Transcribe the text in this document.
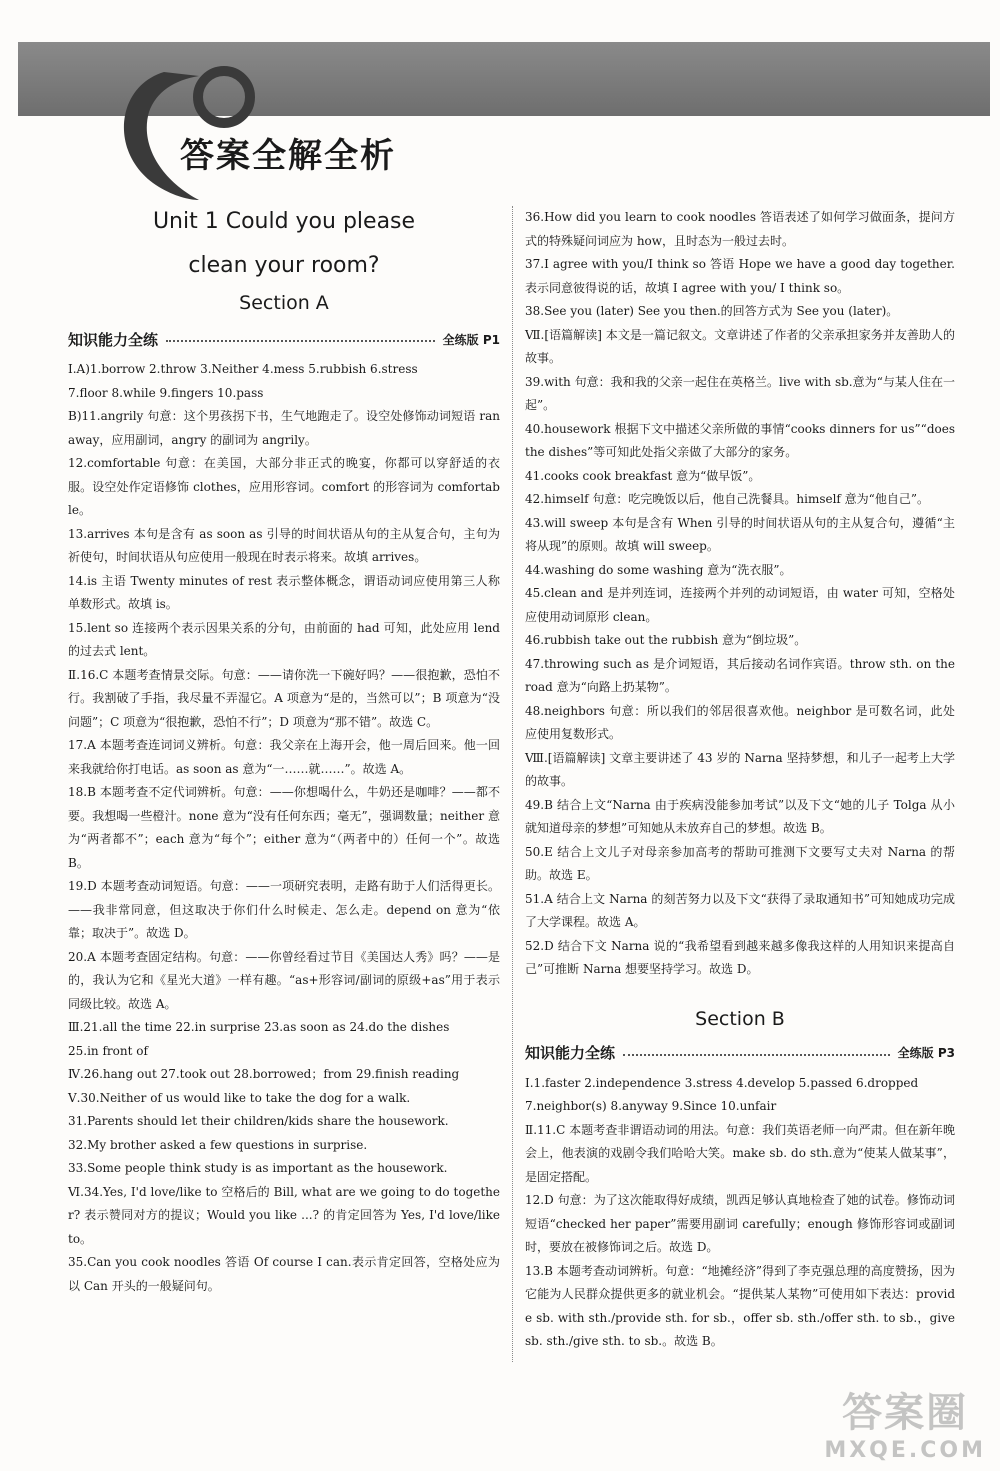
答案全解全析
Unit 1 Could you please
clean your room?
Section A
知识能力全练	全练版 P1

Ⅰ.A)1.borrow 2.throw 3.Neither 4.mess 5.rubbish 6.stress

7.floor 8.while 9.fingers 10.pass

B)11.angrily 句意：这个男孩拐下书，生气地跑走了。设空处修饰动词短语 ran away，应用副词，angry 的副词为 angrily。

12.comfortable 句意：在美国，大部分非正式的晚宴，你都可以穿舒适的衣服。设空处作定语修饰 clothes，应用形容词。comfort 的形容词为 comfortable。

13.arrives 本句是含有 as soon as 引导的时间状语从句的主从复合句，主句为祈使句，时间状语从句应使用一般现在时表示将来。故填 arrives。

14.is 主语 Twenty minutes of rest 表示整体概念，谓语动词应使用第三人称单数形式。故填 is。

15.lent so 连接两个表示因果关系的分句，由前面的 had 可知，此处应用 lend 的过去式 lent。

Ⅱ.16.C 本题考查情景交际。句意：——请你洗一下碗好吗？——很抱歉，恐怕不行。我割破了手指，我尽量不弄湿它。A 项意为“是的，当然可以”；B 项意为“没问题”；C 项意为“很抱歉，恐怕不行”；D 项意为“那不错”。故选 C。

17.A 本题考查连词词义辨析。句意：我父亲在上海开会，他一周后回来。他一回来我就给你打电话。as soon as 意为“一……就……”。故选 A。

18.B 本题考查不定代词辨析。句意：——你想喝什么，牛奶还是咖啡？——都不要。我想喝一些橙汁。none 意为“没有任何东西；毫无”，强调数量；neither 意为“两者都不”；each 意为“每个”；either 意为“（两者中的）任何一个”。故选 B。

19.D 本题考查动词短语。句意：——一项研究表明，走路有助于人们活得更长。——我非常同意，但这取决于你们什么时候走、怎么走。depend on 意为“依靠；取决于”。故选 D。

20.A 本题考查固定结构。句意：——你曾经看过节目《美国达人秀》吗？——是的，我认为它和《星光大道》一样有趣。“as+形容词/副词的原级+as”用于表示同级比较。故选 A。

Ⅲ.21.all the time 22.in surprise 23.as soon as 24.do the dishes

25.in front of

Ⅳ.26.hang out 27.took out 28.borrowed；from 29.finish reading

Ⅴ.30.Neither of us would like to take the dog for a walk.

31.Parents should let their children/kids share the housework.

32.My brother asked a few questions in surprise.

33.Some people think study is as important as the housework.

Ⅵ.34.Yes, I'd love/like to 空格后的 Bill, what are we going to do together? 表示赞同对方的提议；Would you like ...? 的肯定回答为 Yes, I'd love/like to。

35.Can you cook noodles 答语 Of course I can.表示肯定回答，空格处应为以 Can 开头的一般疑问句。

36.How did you learn to cook noodles 答语表述了如何学习做面条，提问方式的特殊疑问词应为 how，且时态为一般过去时。

37.I agree with you/I think so 答语 Hope we have a good day together.表示同意彼得说的话，故填 I agree with you/ I think so。

38.See you (later) See you then.的回答方式为 See you (later)。

Ⅶ.[语篇解读] 本文是一篇记叙文。文章讲述了作者的父亲承担家务并友善助人的故事。

39.with 句意：我和我的父亲一起住在英格兰。live with sb.意为“与某人住在一起”。

40.housework 根据下文中描述父亲所做的事情“cooks dinners for us”“does the dishes”等可知此处指父亲做了大部分的家务。

41.cooks cook breakfast 意为“做早饭”。

42.himself 句意：吃完晚饭以后，他自己洗餐具。himself 意为“他自己”。

43.will sweep 本句是含有 When 引导的时间状语从句的主从复合句，遵循“主将从现”的原则。故填 will sweep。

44.washing do some washing 意为“洗衣服”。

45.clean and 是并列连词，连接两个并列的动词短语，由 water 可知，空格处应使用动词原形 clean。

46.rubbish take out the rubbish 意为“倒垃圾”。

47.throwing such as 是介词短语，其后接动名词作宾语。throw sth. on the road 意为“向路上扔某物”。

48.neighbors 句意：所以我们的邻居很喜欢他。neighbor 是可数名词，此处应使用复数形式。

Ⅷ.[语篇解读] 文章主要讲述了 43 岁的 Narna 坚持梦想，和儿子一起考上大学的故事。

49.B 结合上文“Narna 由于疾病没能参加考试”以及下文“她的儿子 Tolga 从小就知道母亲的梦想”可知她从未放弃自己的梦想。故选 B。

50.E 结合上文儿子对母亲参加高考的帮助可推测下文要写丈夫对 Narna 的帮助。故选 E。

51.A 结合上文 Narna 的刻苦努力以及下文“获得了录取通知书”可知她成功完成了大学课程。故选 A。

52.D 结合下文 Narna 说的“我希望看到越来越多像我这样的人用知识来提高自己”可推断 Narna 想要坚持学习。故选 D。

Section B
知识能力全练	全练版 P3

Ⅰ.1.faster 2.independence 3.stress 4.develop 5.passed 6.dropped

7.neighbor(s) 8.anyway 9.Since 10.unfair

Ⅱ.11.C 本题考查非谓语动词的用法。句意：我们英语老师一向严肃。但在新年晚会上，他表演的戏剧令我们哈哈大笑。make sb. do sth.意为“使某人做某事”，是固定搭配。

12.D 句意：为了这次能取得好成绩，凯西足够认真地检查了她的试卷。修饰动词短语“checked her paper”需要用副词 carefully；enough 修饰形容词或副词时，要放在被修饰词之后。故选 D。

13.B 本题考查动词辨析。句意：“地摊经济”得到了李克强总理的高度赞扬，因为它能为人民群众提供更多的就业机会。“提供某人某物”可使用如下表达：provide sb. with sth./provide sth. for sb.，offer sb. sth./offer sth. to sb.，give sb. sth./give sth. to sb.。故选 B。

答案圈
MXQE.COM
